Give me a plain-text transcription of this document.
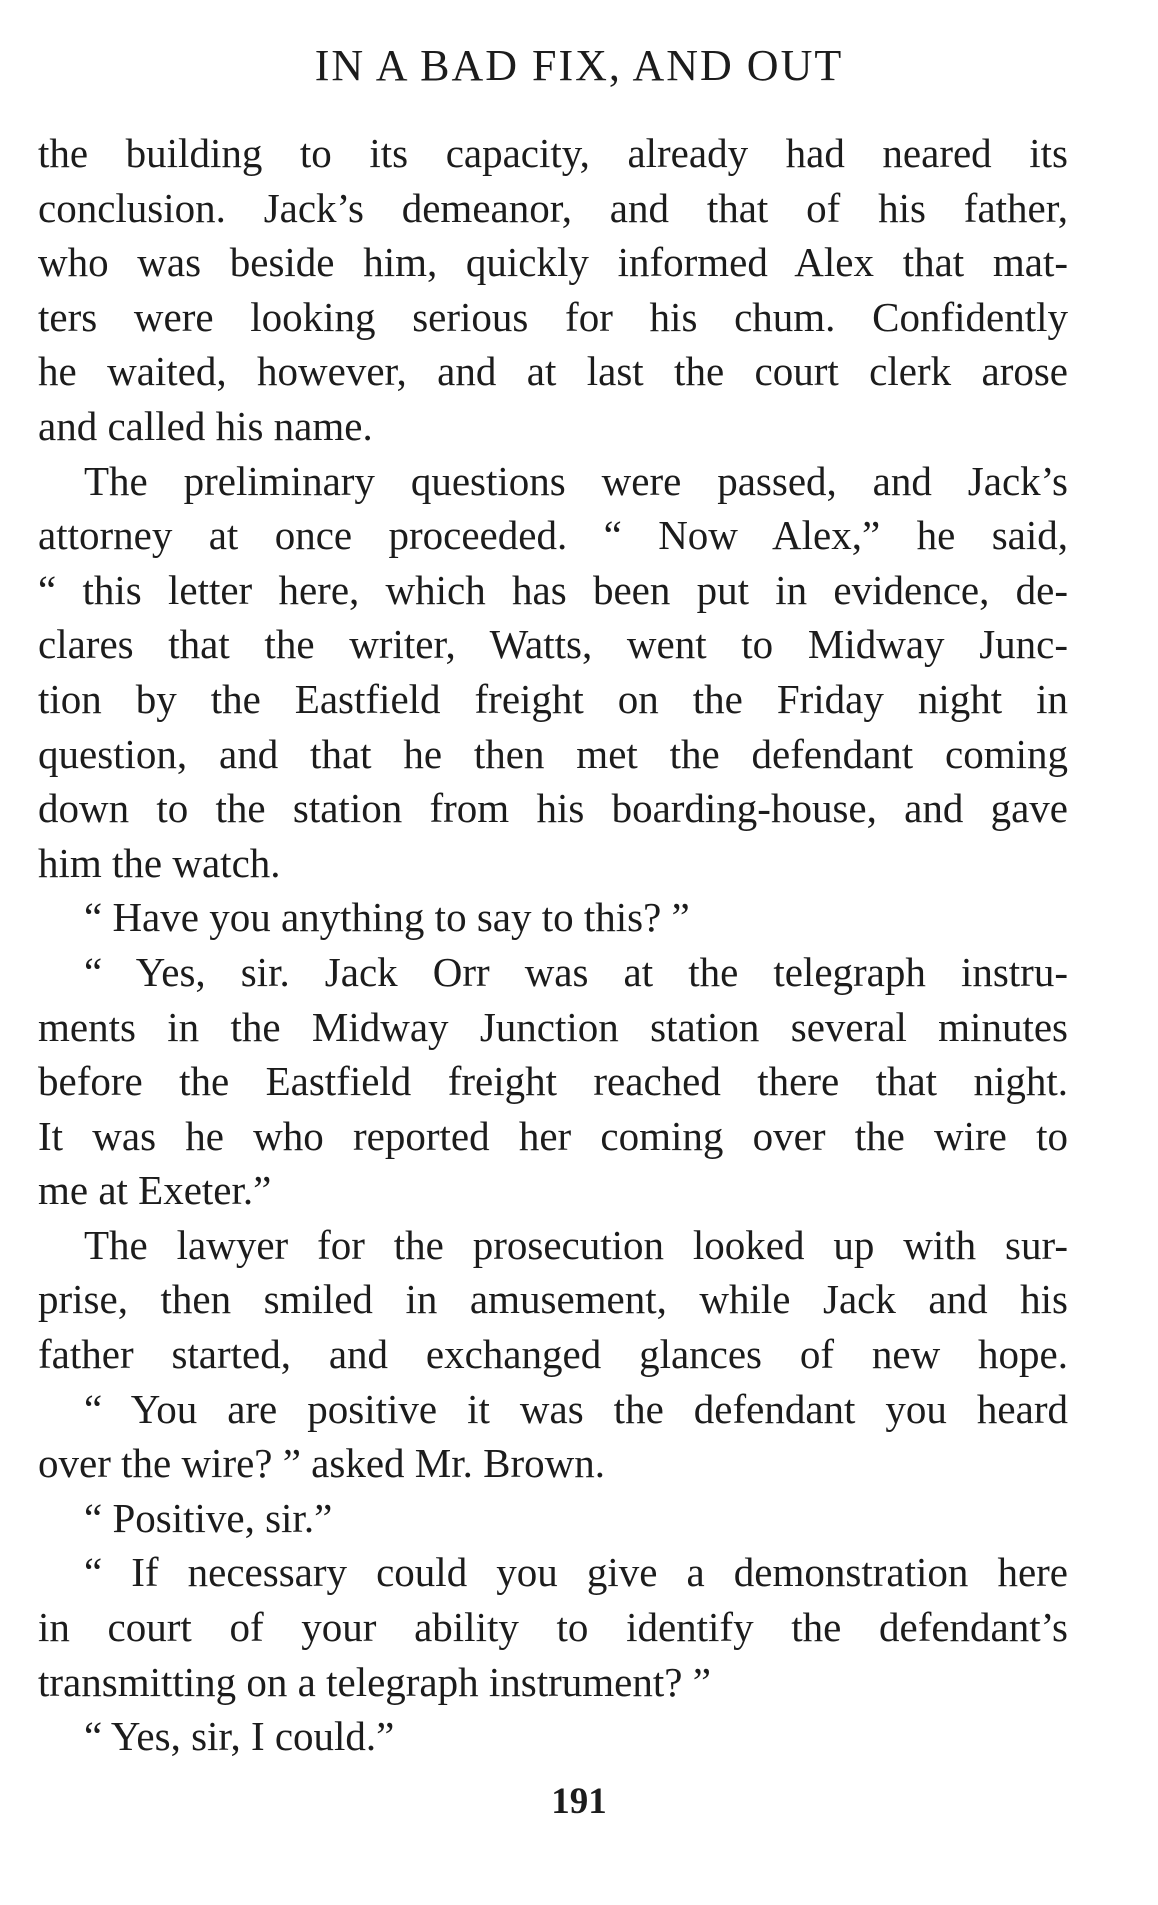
IN A BAD FIX, AND OUT
the building to its capacity, already had neared its
conclusion. Jack’s demeanor, and that of his father,
who was beside him, quickly informed Alex that mat-
ters were looking serious for his chum. Confidently
he waited, however, and at last the court clerk arose
and called his name.
The preliminary questions were passed, and Jack’s
attorney at once proceeded. “ Now Alex,” he said,
“ this letter here, which has been put in evidence, de-
clares that the writer, Watts, went to Midway Junc-
tion by the Eastfield freight on the Friday night in
question, and that he then met the defendant coming
down to the station from his boarding-house, and gave
him the watch.
“ Have you anything to say to this? ”
“ Yes, sir. Jack Orr was at the telegraph instru-
ments in the Midway Junction station several minutes
before the Eastfield freight reached there that night.
It was he who reported her coming over the wire to
me at Exeter.”
The lawyer for the prosecution looked up with sur-
prise, then smiled in amusement, while Jack and his
father started, and exchanged glances of new hope.
“ You are positive it was the defendant you heard
over the wire? ” asked Mr. Brown.
“ Positive, sir.”
“ If necessary could you give a demonstration here
in court of your ability to identify the defendant’s
transmitting on a telegraph instrument? ”
“ Yes, sir, I could.”
191
